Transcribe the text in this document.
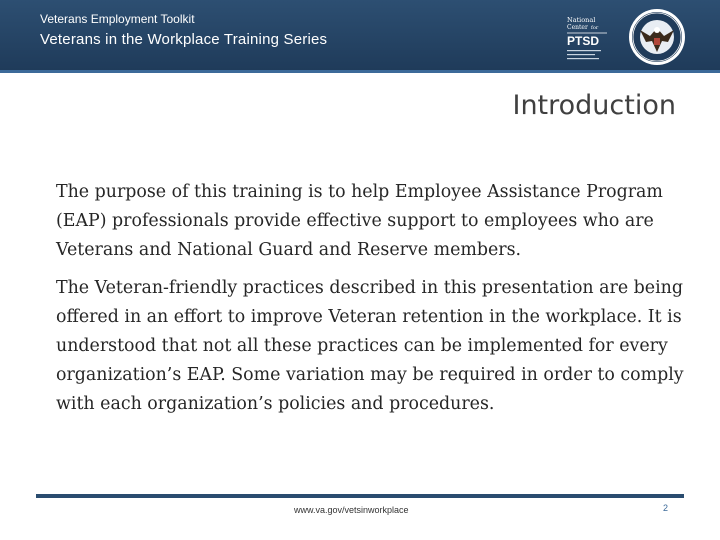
Veterans Employment Toolkit
Veterans in the Workplace Training Series
National
Center for
PTSD
Introduction

The purpose of this training is to help Employee Assistance Program (EAP) professionals provide effective support to employees who are Veterans and National Guard and Reserve members.

The Veteran-friendly practices described in this presentation are being offered in an effort to improve Veteran retention in the workplace. It is understood that not all these practices can be implemented for every organization’s EAP. Some variation may be required in order to comply with each organization’s policies and procedures.

www.va.gov/vetsinworkplace	2
